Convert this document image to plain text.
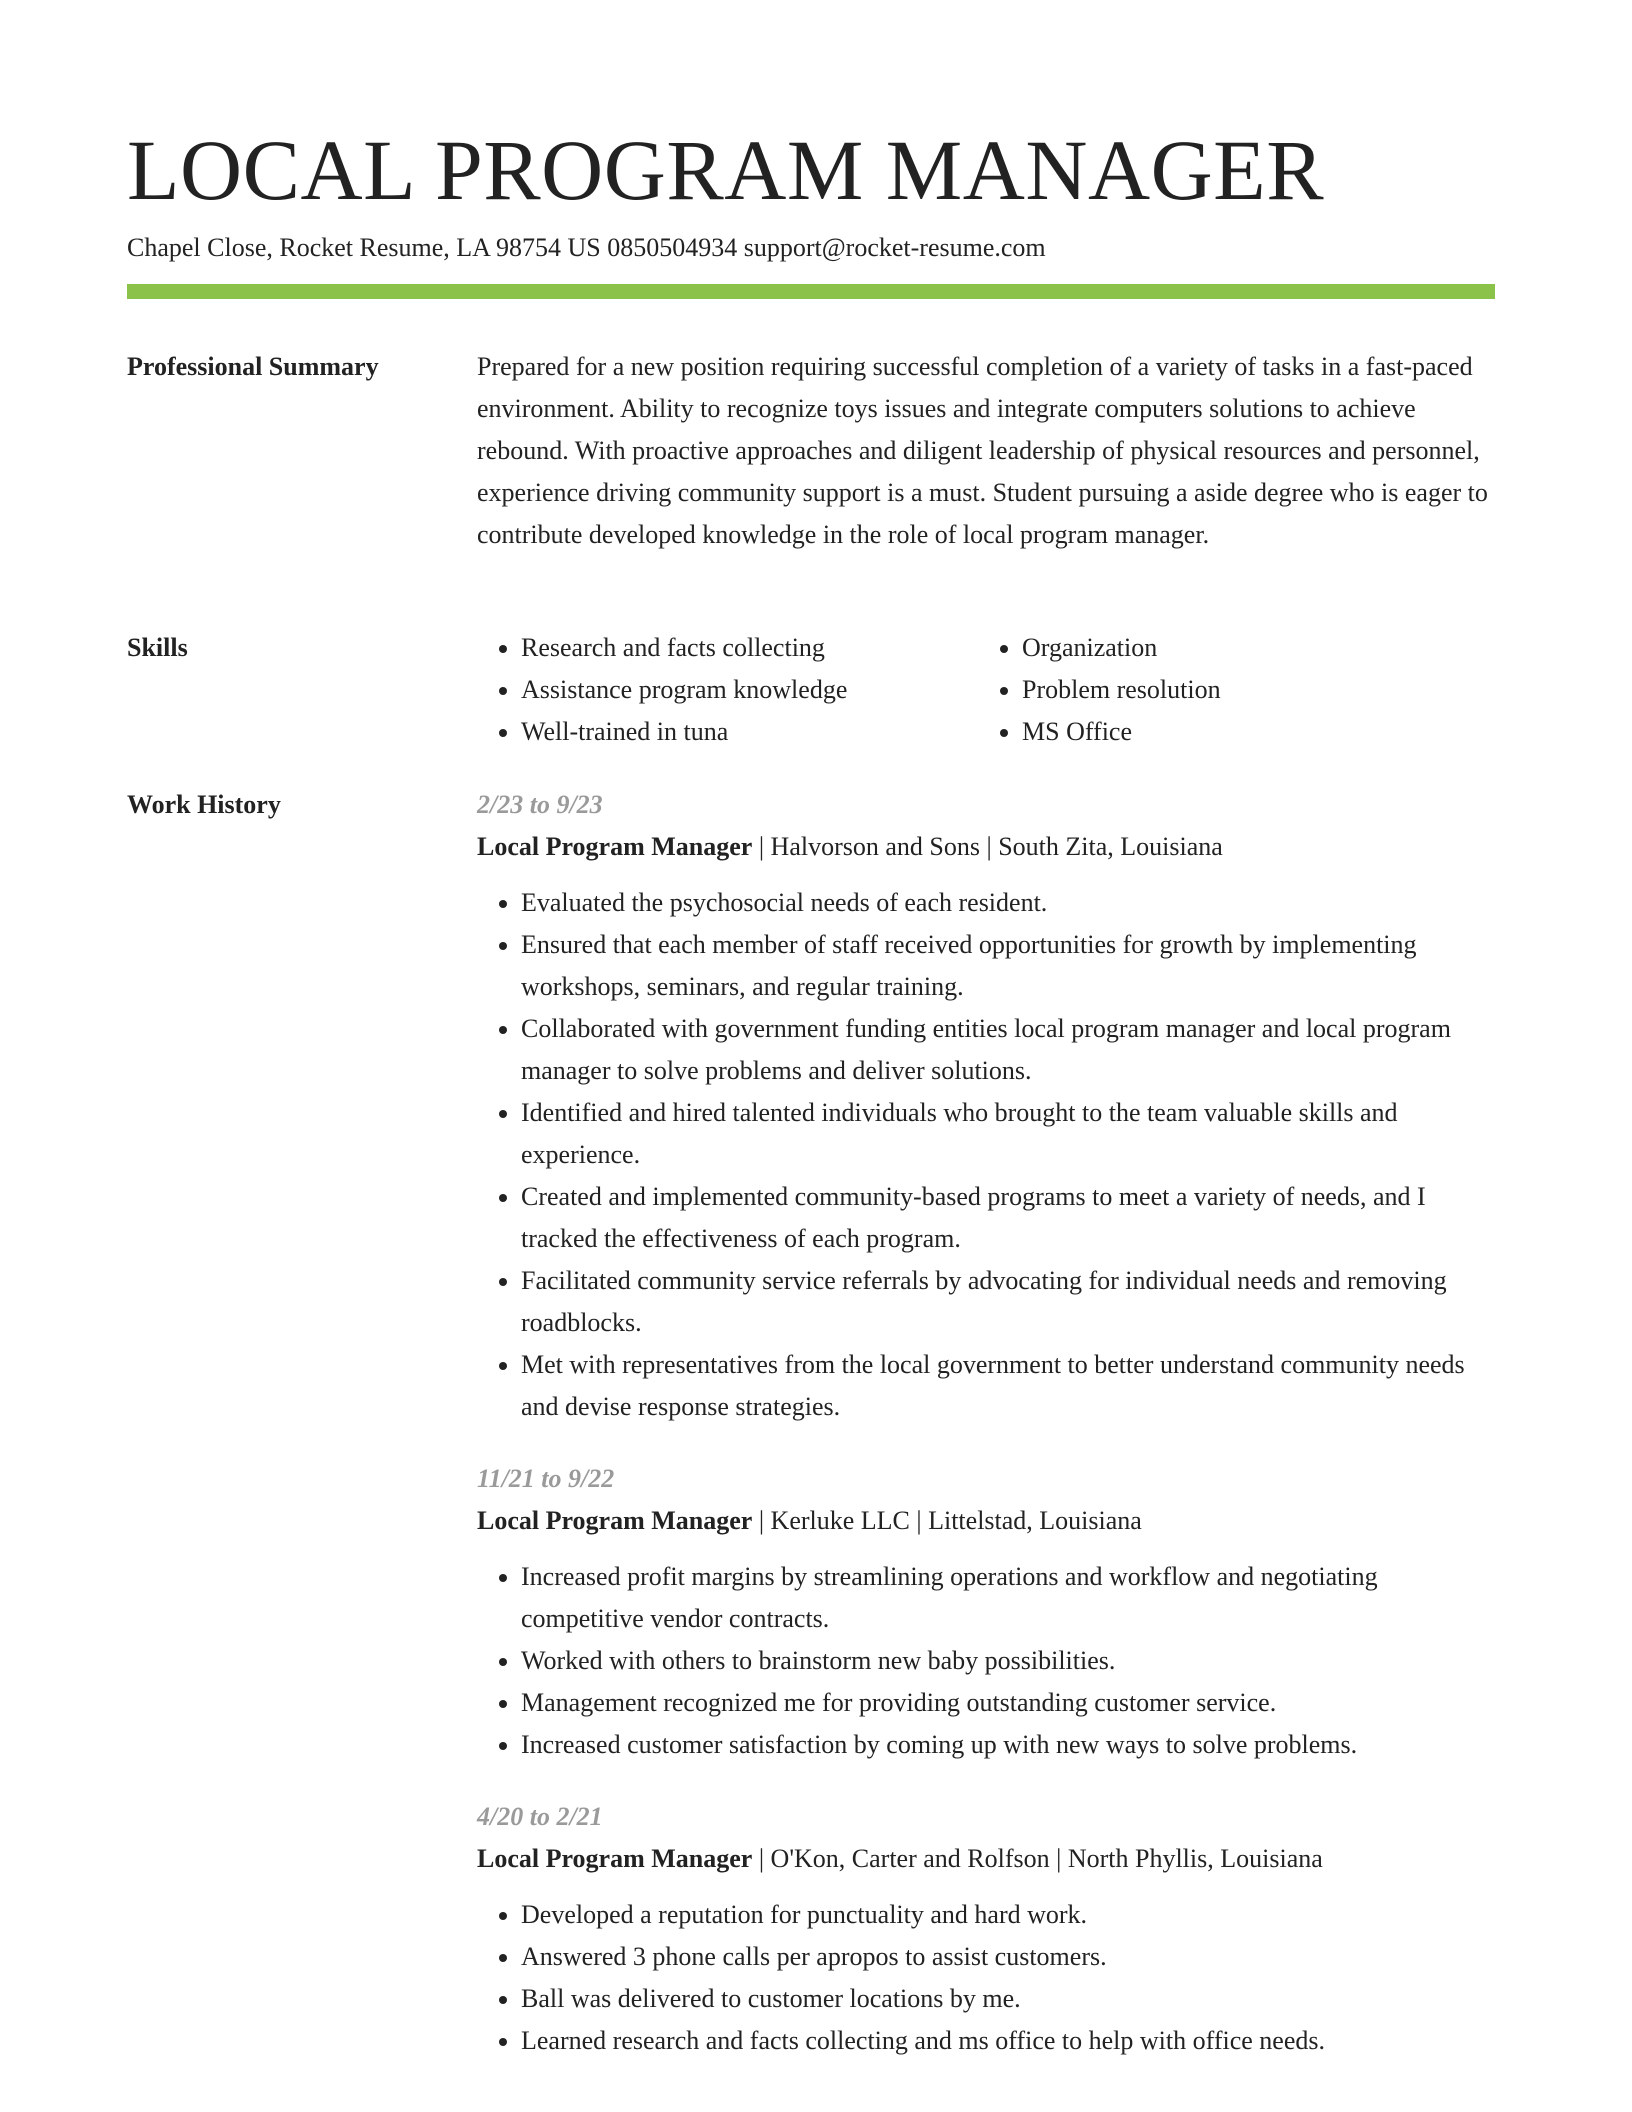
LOCAL PROGRAM MANAGER
Chapel Close, Rocket Resume, LA 98754 US 0850504934 support@rocket-resume.com
Professional Summary	Prepared for a new position requiring successful completion of a variety of tasks in a fast-paced environment. Ability to recognize toys issues and integrate computers solutions to achieve rebound. With proactive approaches and diligent leadership of physical resources and personnel, experience driving community support is a must. Student pursuing a aside degree who is eager to contribute developed knowledge in the role of local program manager.

Skills
•	Research and facts collecting
• Assistance program knowledge
• Well-trained in tuna
• Organization
• Problem resolution
• MS Office
Work History	2/23 to 9/23
Local Program Manager | Halvorson and Sons | South Zita, Louisiana
• Evaluated the psychosocial needs of each resident.
• Ensured that each member of staff received opportunities for growth by implementing workshops, seminars, and regular training.
• Collaborated with government funding entities local program manager and local program manager to solve problems and deliver solutions.
• Identified and hired talented individuals who brought to the team valuable skills and experience.
• Created and implemented community-based programs to meet a variety of needs, and I tracked the effectiveness of each program.
• Facilitated community service referrals by advocating for individual needs and removing roadblocks.
• Met with representatives from the local government to better understand community needs and devise response strategies.
11/21 to 9/22
Local Program Manager | Kerluke LLC | Littelstad, Louisiana
• Increased profit margins by streamlining operations and workflow and negotiating competitive vendor contracts.
• Worked with others to brainstorm new baby possibilities.
• Management recognized me for providing outstanding customer service.
• Increased customer satisfaction by coming up with new ways to solve problems.
4/20 to 2/21
Local Program Manager | O'Kon, Carter and Rolfson | North Phyllis, Louisiana
• Developed a reputation for punctuality and hard work.
• Answered 3 phone calls per apropos to assist customers.
• Ball was delivered to customer locations by me.
• Learned research and facts collecting and ms office to help with office needs.
